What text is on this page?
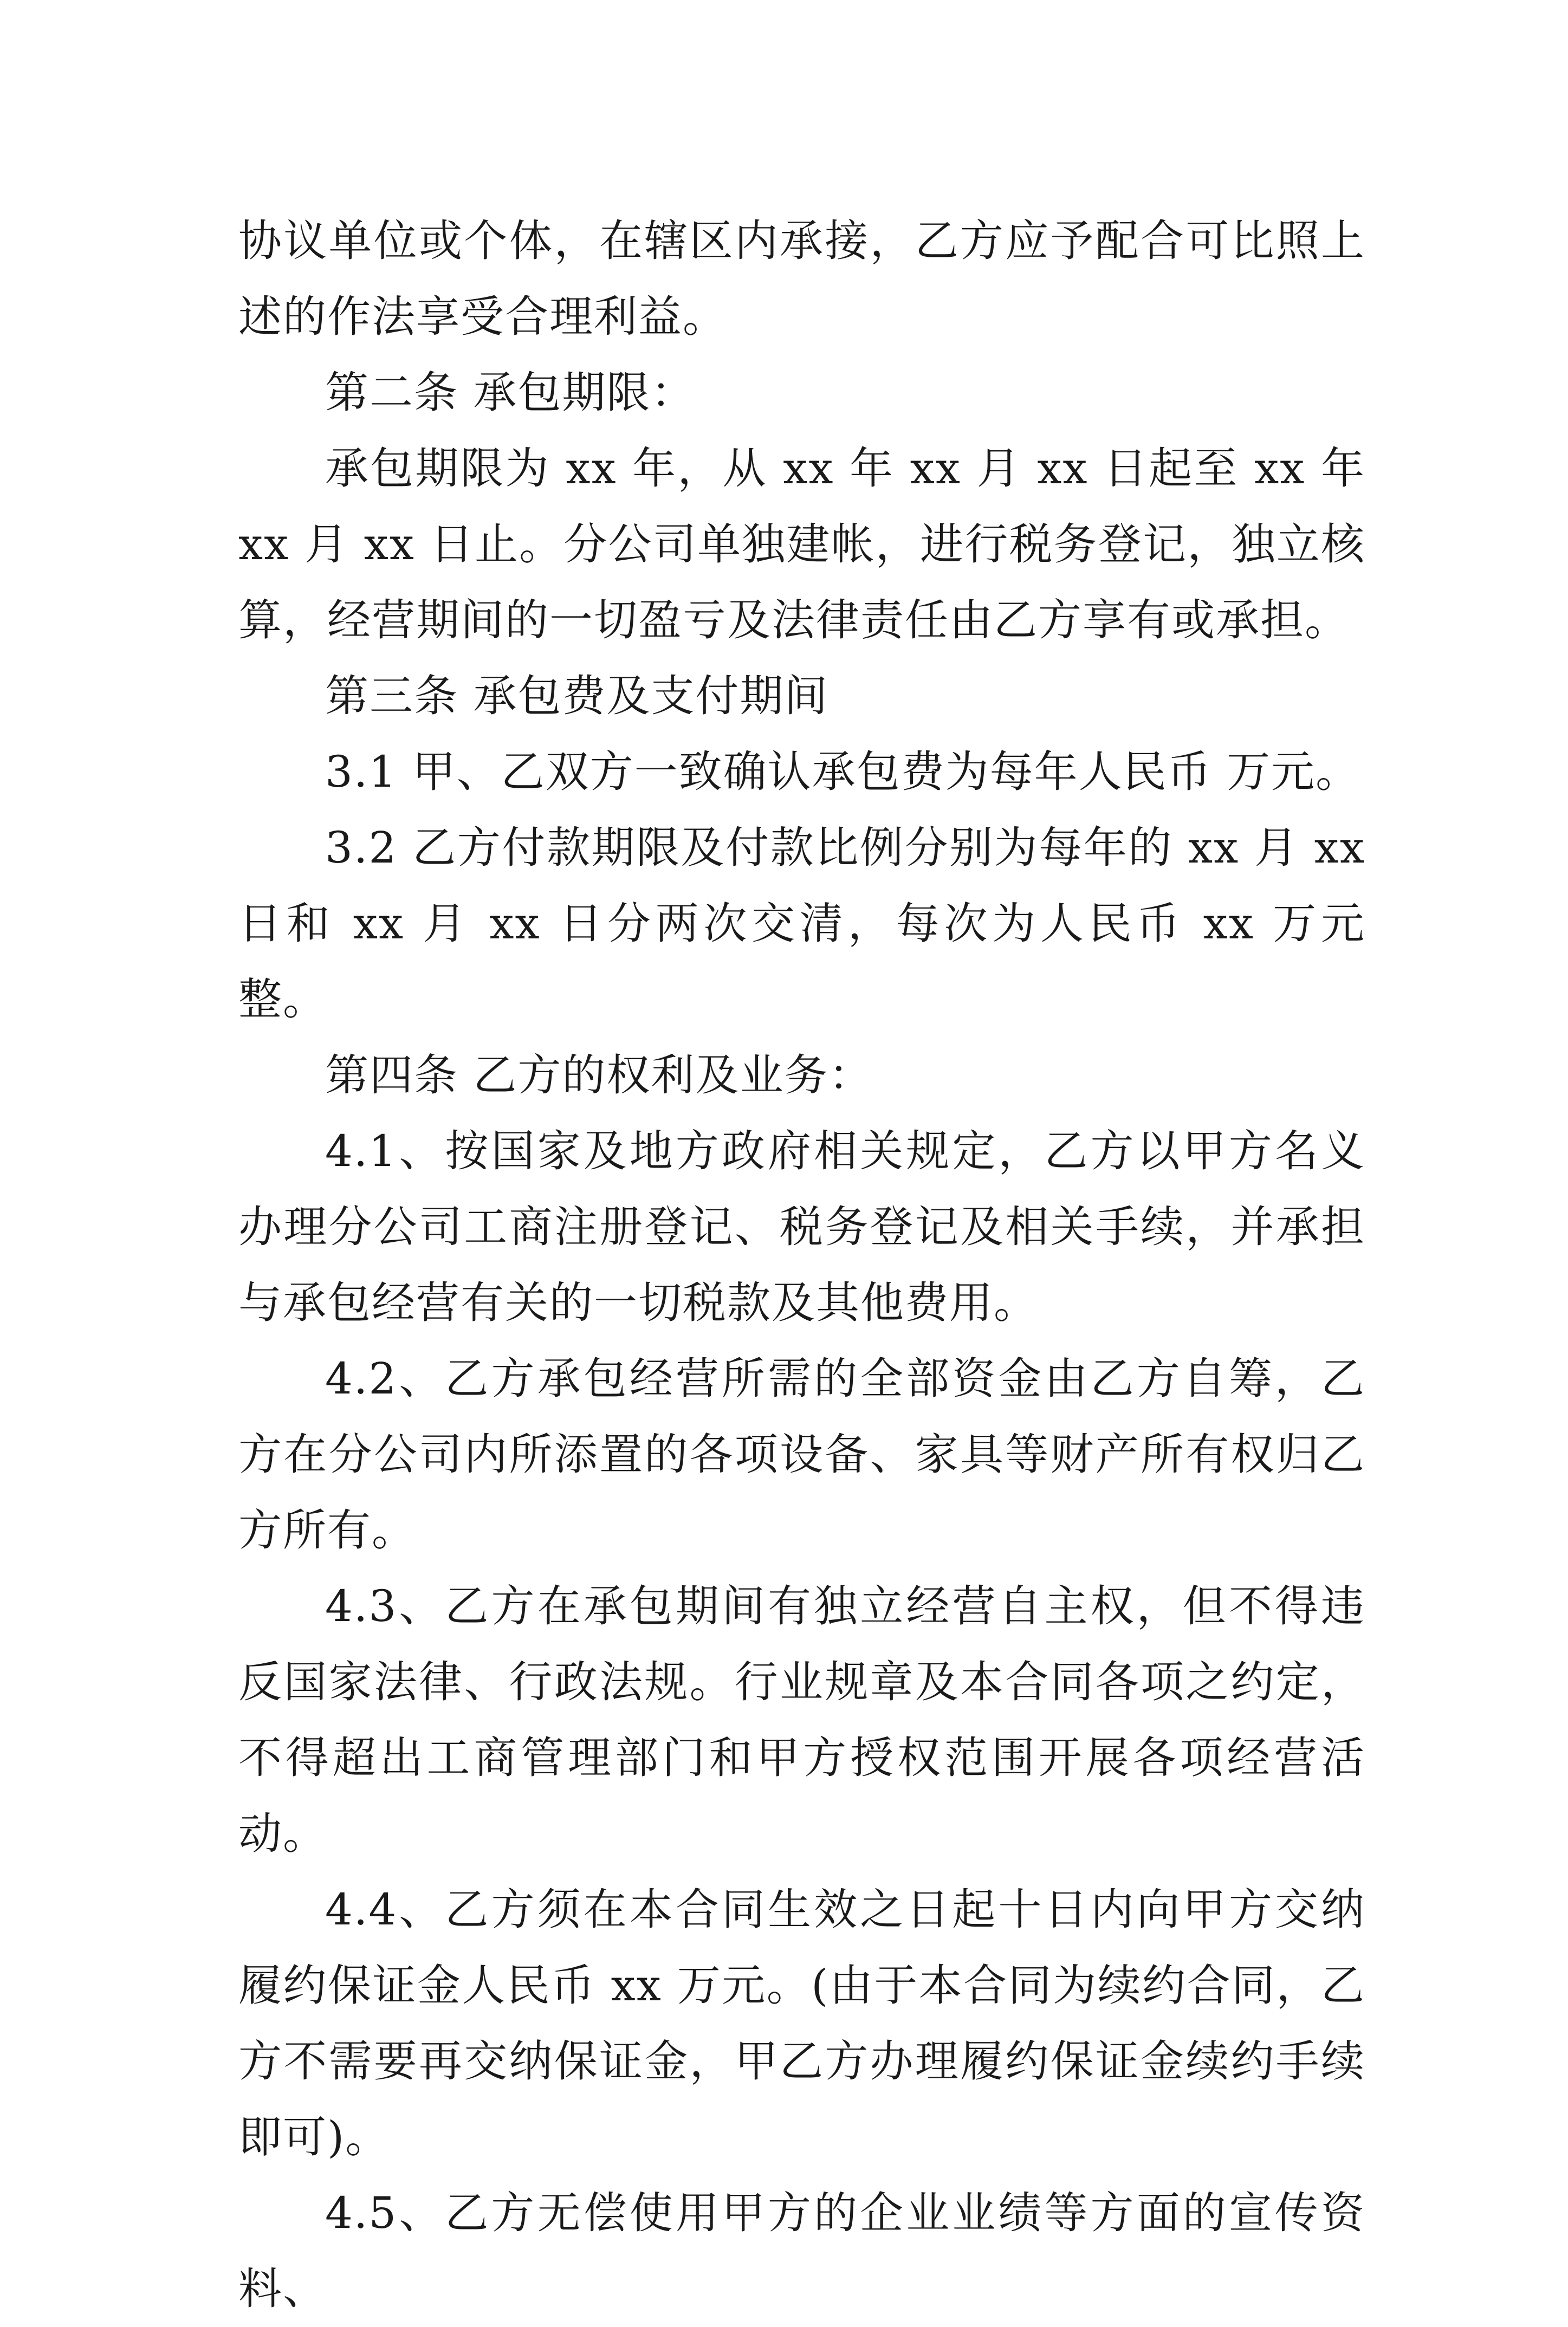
协议单位或个体，在辖区内承接，乙方应予配合可比照上述的作法享受合理利益。

第二条 承包期限：

承包期限为 xx 年，从 xx 年 xx 月 xx 日起至 xx 年 xx 月 xx 日止。分公司单独建帐，进行税务登记，独立核算，经营期间的一切盈亏及法律责任由乙方享有或承担。

第三条 承包费及支付期间

3.1 甲、乙双方一致确认承包费为每年人民币 万元。

3.2 乙方付款期限及付款比例分别为每年的 xx 月 xx 日和 xx 月 xx 日分两次交清，每次为人民币 xx 万元整。

第四条 乙方的权利及业务：

4.1、按国家及地方政府相关规定，乙方以甲方名义办理分公司工商注册登记、税务登记及相关手续，并承担与承包经营有关的一切税款及其他费用。

4.2、乙方承包经营所需的全部资金由乙方自筹，乙方在分公司内所添置的各项设备、家具等财产所有权归乙方所有。

4.3、乙方在承包期间有独立经营自主权，但不得违反国家法律、行政法规。行业规章及本合同各项之约定，不得超出工商管理部门和甲方授权范围开展各项经营活动。

4.4、乙方须在本合同生效之日起十日内向甲方交纳履约保证金人民币 xx 万元。(由于本合同为续约合同，乙方不需要再交纳保证金，甲乙方办理履约保证金续约手续即可)。

4.5、乙方无偿使用甲方的企业业绩等方面的宣传资料、
